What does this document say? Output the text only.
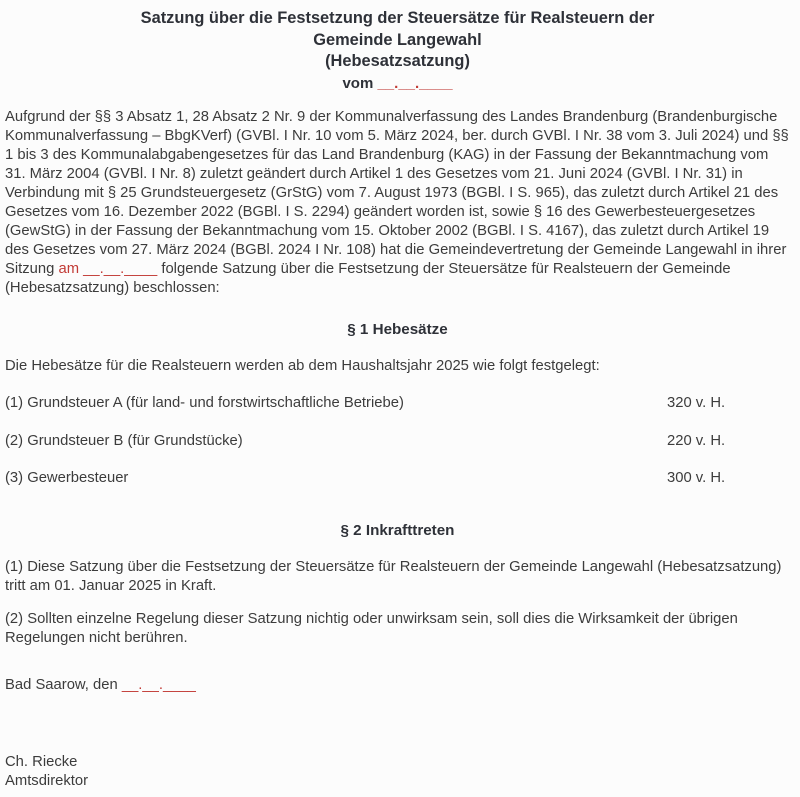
Satzung über die Festsetzung der Steuersätze für Realsteuern der
Gemeinde Langewahl
(Hebesatzsatzung)
vom __.__.____

Aufgrund der §§ 3 Absatz 1, 28 Absatz 2 Nr. 9 der Kommunalverfassung des Landes Brandenburg (Brandenburgische Kommunalverfassung – BbgKVerf) (GVBl. I Nr. 10 vom 5. März 2024, ber. durch GVBl. I Nr. 38 vom 3. Juli 2024) und §§ 1 bis 3 des Kommunalabgabengesetzes für das Land Brandenburg (KAG) in der Fassung der Bekanntmachung vom 31. März 2004 (GVBl. I Nr. 8) zuletzt geändert durch Artikel 1 des Gesetzes vom 21. Juni 2024 (GVBl. I Nr. 31) in Verbindung mit § 25 Grundsteuergesetz (GrStG) vom 7. August 1973 (BGBl. I S. 965), das zuletzt durch Artikel 21 des Gesetzes vom 16. Dezember 2022 (BGBl. I S. 2294) geändert worden ist, sowie § 16 des Gewerbesteuergesetzes (GewStG) in der Fassung der Bekanntmachung vom 15. Oktober 2002 (BGBl. I S. 4167), das zuletzt durch Artikel 19 des Gesetzes vom 27. März 2024 (BGBl. 2024 I Nr. 108) hat die Gemeindevertretung der Gemeinde Langewahl in ihrer Sitzung am __.__.____ folgende Satzung über die Festsetzung der Steuersätze für Realsteuern der Gemeinde (Hebesatzsatzung) beschlossen:

§ 1 Hebesätze

Die Hebesätze für die Realsteuern werden ab dem Haushaltsjahr 2025 wie folgt festgelegt:

(1) Grundsteuer A (für land- und forstwirtschaftliche Betriebe)	320 v. H.
(2) Grundsteuer B (für Grundstücke)	220 v. H.
(3) Gewerbesteuer	300 v. H.
§ 2 Inkrafttreten

(1) Diese Satzung über die Festsetzung der Steuersätze für Realsteuern der Gemeinde Langewahl (Hebesatzsatzung) tritt am 01. Januar 2025 in Kraft.

(2) Sollten einzelne Regelung dieser Satzung nichtig oder unwirksam sein, soll dies die Wirksamkeit der übrigen Regelungen nicht berühren.

Bad Saarow, den __.__.____

Ch. Riecke

Amtsdirektor
